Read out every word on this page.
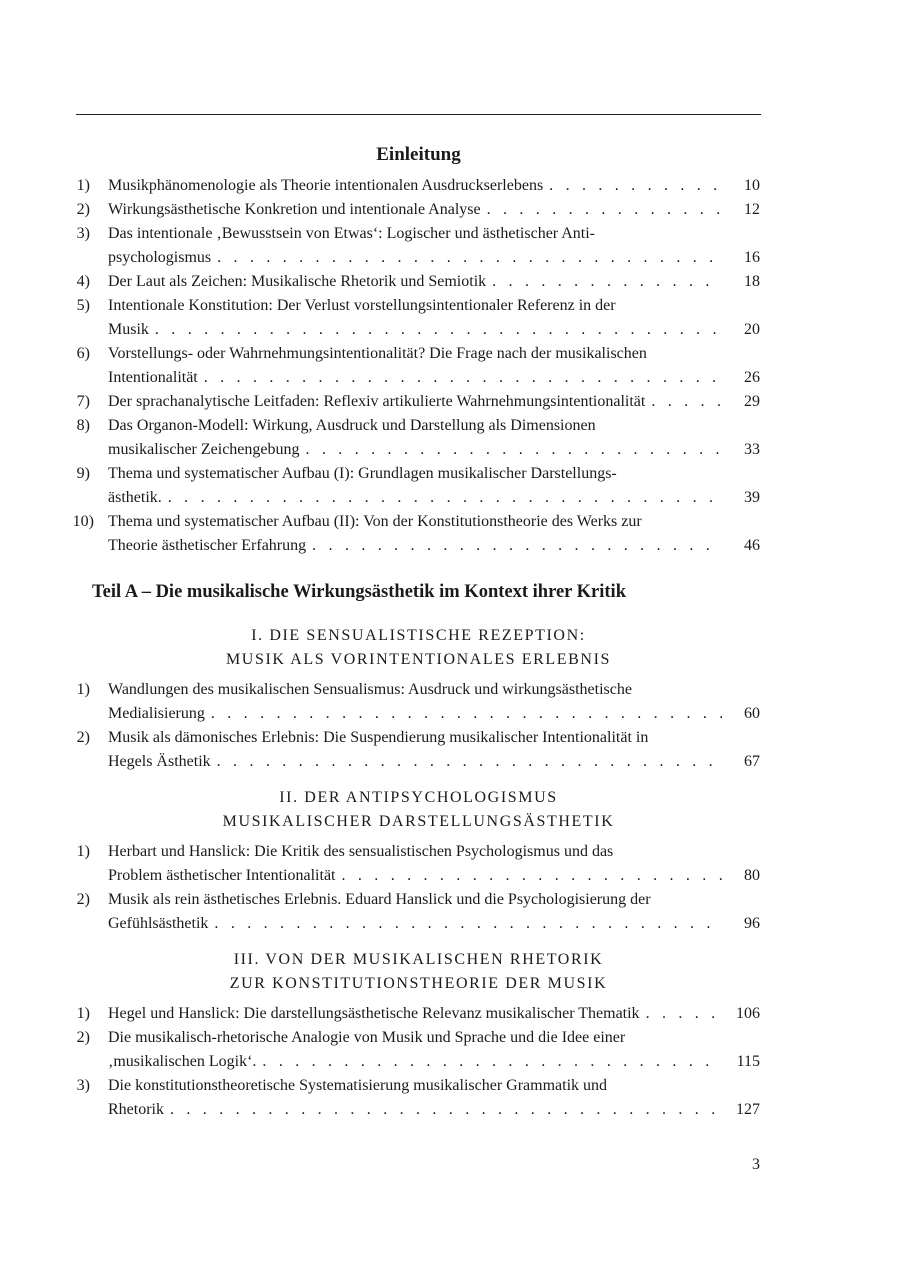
Einleitung
Teil A – Die musikalische Wirkungsästhetik im Kontext ihrer Kritik
3
1) Musikphänomenologie als Theorie intentionalen Ausdruckserlebens . . .	10
2) Wirkungsästhetische Konkretion und intentionale Analyse . . .	12
3) Das intentionale ‚Bewusstsein von Etwas‘: Logischer und ästhetischer Anti-
psychologismus . . .	16
4) Der Laut als Zeichen: Musikalische Rhetorik und Semiotik . . .	18
5) Intentionale Konstitution: Der Verlust vorstellungsintentionaler Referenz in der
Musik . . .	20
6) Vorstellungs- oder Wahrnehmungsintentionalität? Die Frage nach der musikalischen
Intentionalität . . .	26
7) Der sprachanalytische Leitfaden: Reflexiv artikulierte Wahrnehmungsintentionalität . . .	29
8) Das Organon-Modell: Wirkung, Ausdruck und Darstellung als Dimensionen
musikalischer Zeichengebung . . .	33
9) Thema und systematischer Aufbau (I): Grundlagen musikalischer Darstellungs-
ästhetik. . . .	39
10) Thema und systematischer Aufbau (II): Von der Konstitutionstheorie des Werks zur
Theorie ästhetischer Erfahrung . . .	46
I. DIE SENSUALISTISCHE REZEPTION:
MUSIK ALS VORINTENTIONALES ERLEBNIS
1) Wandlungen des musikalischen Sensualismus: Ausdruck und wirkungsästhetische
Medialisierung . . .	60
2) Musik als dämonisches Erlebnis: Die Suspendierung musikalischer Intentionalität in
Hegels Ästhetik . . .	67
II. DER ANTIPSYCHOLOGISMUS
MUSIKALISCHER DARSTELLUNGSÄSTHETIK
1) Herbart und Hanslick: Die Kritik des sensualistischen Psychologismus und das
Problem ästhetischer Intentionalität . . .	80
2) Musik als rein ästhetisches Erlebnis. Eduard Hanslick und die Psychologisierung der
Gefühlsästhetik . . .	96
III. VON DER MUSIKALISCHEN RHETORIK
ZUR KONSTITUTIONSTHEORIE DER MUSIK
1) Hegel und Hanslick: Die darstellungsästhetische Relevanz musikalischer Thematik . . .	106
2) Die musikalisch-rhetorische Analogie von Musik und Sprache und die Idee einer
‚musikalischen Logik‘. . . .	115
3) Die konstitutionstheoretische Systematisierung musikalischer Grammatik und
Rhetorik . . .	127
